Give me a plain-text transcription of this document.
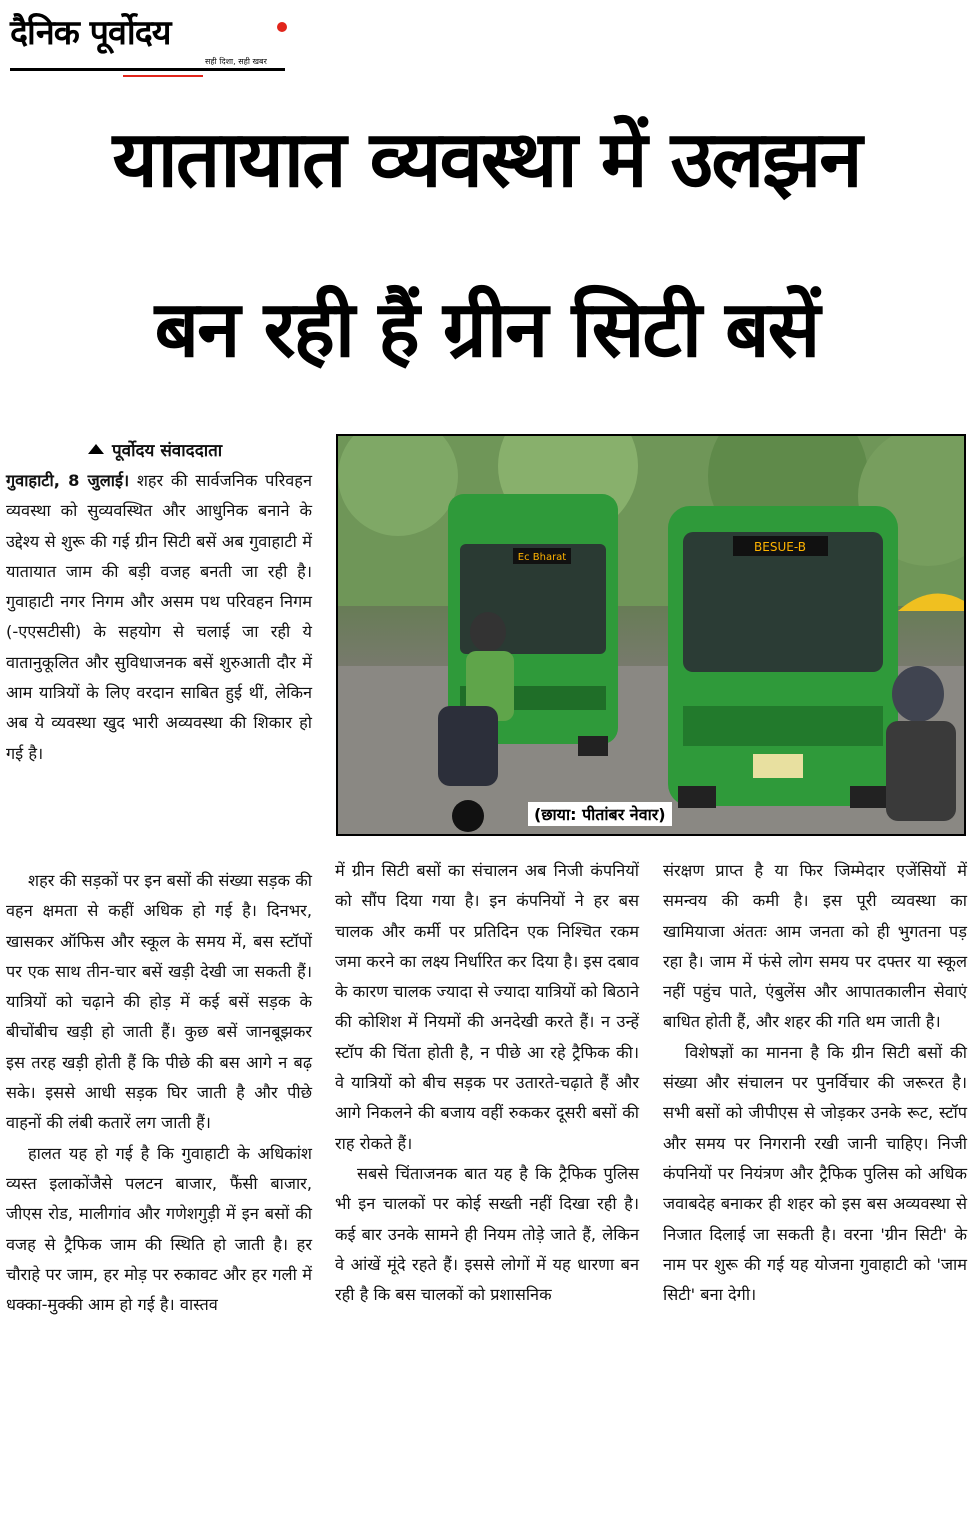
दैनिक पूर्वोदय
सही दिशा, सही खबर
यातायात व्यवस्था में उलझन
बन रही हैं ग्रीन सिटी बसें
पूर्वोदय संवाददाता

गुवाहाटी, 8 जुलाई। शहर की सार्वजनिक परिवहन व्यवस्था को सुव्यवस्थित और आधुनिक बनाने के उद्देश्य से शुरू की गई ग्रीन सिटी बसें अब गुवाहाटी में यातायात जाम की बड़ी वजह बनती जा रही है। गुवाहाटी नगर निगम और असम पथ परिवहन निगम (-एएसटीसी) के सहयोग से चलाई जा रही ये वातानुकूलित और सुविधाजनक बसें शुरुआती दौर में आम यात्रियों के लिए वरदान साबित हुई थीं, लेकिन अब ये व्यवस्था खुद भारी अव्यवस्था की शिकार हो गई है।

शहर की सड़कों पर इन बसों की संख्या सड़क की वहन क्षमता से कहीं अधिक हो गई है। दिनभर, खासकर ऑफिस और स्कूल के समय में, बस स्टॉपों पर एक साथ तीन-चार बसें खड़ी देखी जा सकती हैं। यात्रियों को चढ़ाने की होड़ में कई बसें सड़क के बीचोंबीच खड़ी हो जाती हैं। कुछ बसें जानबूझकर इस तरह खड़ी होती हैं कि पीछे की बस आगे न बढ़ सके। इससे आधी सड़क घिर जाती है और पीछे वाहनों की लंबी कतारें लग जाती हैं।

हालत यह हो गई है कि गुवाहाटी के अधिकांश व्यस्त इलाकोंजैसे पलटन बाजार, फैंसी बाजार, जीएस रोड, मालीगांव और गणेशगुड़ी में इन बसों की वजह से ट्रैफिक जाम की स्थिति हो जाती है। हर चौराहे पर जाम, हर मोड़ पर रुकावट और हर गली में धक्का-मुक्की आम हो गई है। वास्तव

में ग्रीन सिटी बसों का संचालन अब निजी कंपनियों को सौंप दिया गया है। इन कंपनियों ने हर बस चालक और कर्मी पर प्रतिदिन एक निश्चित रकम जमा करने का लक्ष्य निर्धारित कर दिया है। इस दबाव के कारण चालक ज्यादा से ज्यादा यात्रियों को बिठाने की कोशिश में नियमों की अनदेखी करते हैं। न उन्हें स्टॉप की चिंता होती है, न पीछे आ रहे ट्रैफिक की। वे यात्रियों को बीच सड़क पर उतारते-चढ़ाते हैं और आगे निकलने की बजाय वहीं रुककर दूसरी बसों की राह रोकते हैं।

सबसे चिंताजनक बात यह है कि ट्रैफिक पुलिस भी इन चालकों पर कोई सख्ती नहीं दिखा रही है। कई बार उनके सामने ही नियम तोड़े जाते हैं, लेकिन वे आंखें मूंदे रहते हैं। इससे लोगों में यह धारणा बन रही है कि बस चालकों को प्रशासनिक

संरक्षण प्राप्त है या फिर जिम्मेदार एजेंसियों में समन्वय की कमी है। इस पूरी व्यवस्था का खामियाजा अंततः आम जनता को ही भुगतना पड़ रहा है। जाम में फंसे लोग समय पर दफ्तर या स्कूल नहीं पहुंच पाते, एंबुलेंस और आपातकालीन सेवाएं बाधित होती हैं, और शहर की गति थम जाती है।

विशेषज्ञों का मानना है कि ग्रीन सिटी बसों की संख्या और संचालन पर पुनर्विचार की जरूरत है। सभी बसों को जीपीएस से जोड़कर उनके रूट, स्टॉप और समय पर निगरानी रखी जानी चाहिए। निजी कंपनियों पर नियंत्रण और ट्रैफिक पुलिस को अधिक जवाबदेह बनाकर ही शहर को इस बस अव्यवस्था से निजात दिलाई जा सकती है। वरना 'ग्रीन सिटी' के नाम पर शुरू की गई यह योजना गुवाहाटी को 'जाम सिटी' बना देगी।

Ec Bharat
BESUE-B
(छाया: पीतांबर नेवार)
